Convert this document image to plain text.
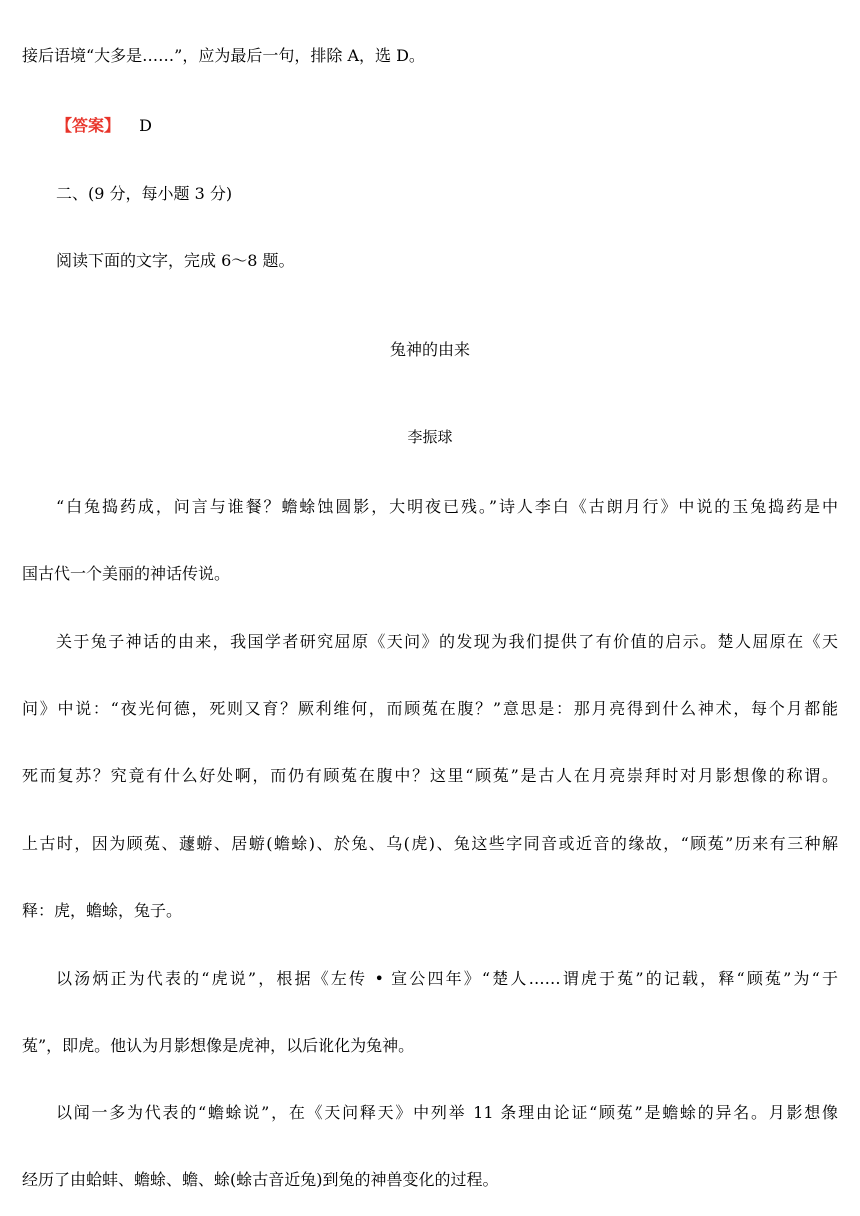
接后语境“大多是……”，应为最后一句，排除 A，选 D。
【答案】 D
二、(9 分，每小题 3 分)
阅读下面的文字，完成 6～8 题。
兔神的由来
李振球
“白兔捣药成，问言与谁餐？蟾蜍蚀圆影，大明夜已残。”诗人李白《古朗月行》中说的玉兔捣药是中
国古代一个美丽的神话传说。
关于兔子神话的由来，我国学者研究屈原《天问》的发现为我们提供了有价值的启示。楚人屈原在《天
问》中说：“夜光何德，死则又育？厥利维何，而顾菟在腹？”意思是：那月亮得到什么神术，每个月都能
死而复苏？究竟有什么好处啊，而仍有顾菟在腹中？这里“顾菟”是古人在月亮崇拜时对月影想像的称谓。
上古时，因为顾菟、蘧蝣、居蝣(蟾蜍)、於兔、乌(虎)、兔这些字同音或近音的缘故，“顾菟”历来有三种解
释：虎，蟾蜍，兔子。
以汤炳正为代表的“虎说”，根据《左传 • 宣公四年》“楚人……谓虎于菟”的记载，释“顾菟”为“于
菟”，即虎。他认为月影想像是虎神，以后讹化为兔神。
以闻一多为代表的“蟾蜍说”，在《天问释天》中列举 11 条理由论证“顾菟”是蟾蜍的异名。月影想像
经历了由蛤蚌、蟾蜍、蟾、蜍(蜍古音近兔)到兔的神兽变化的过程。
